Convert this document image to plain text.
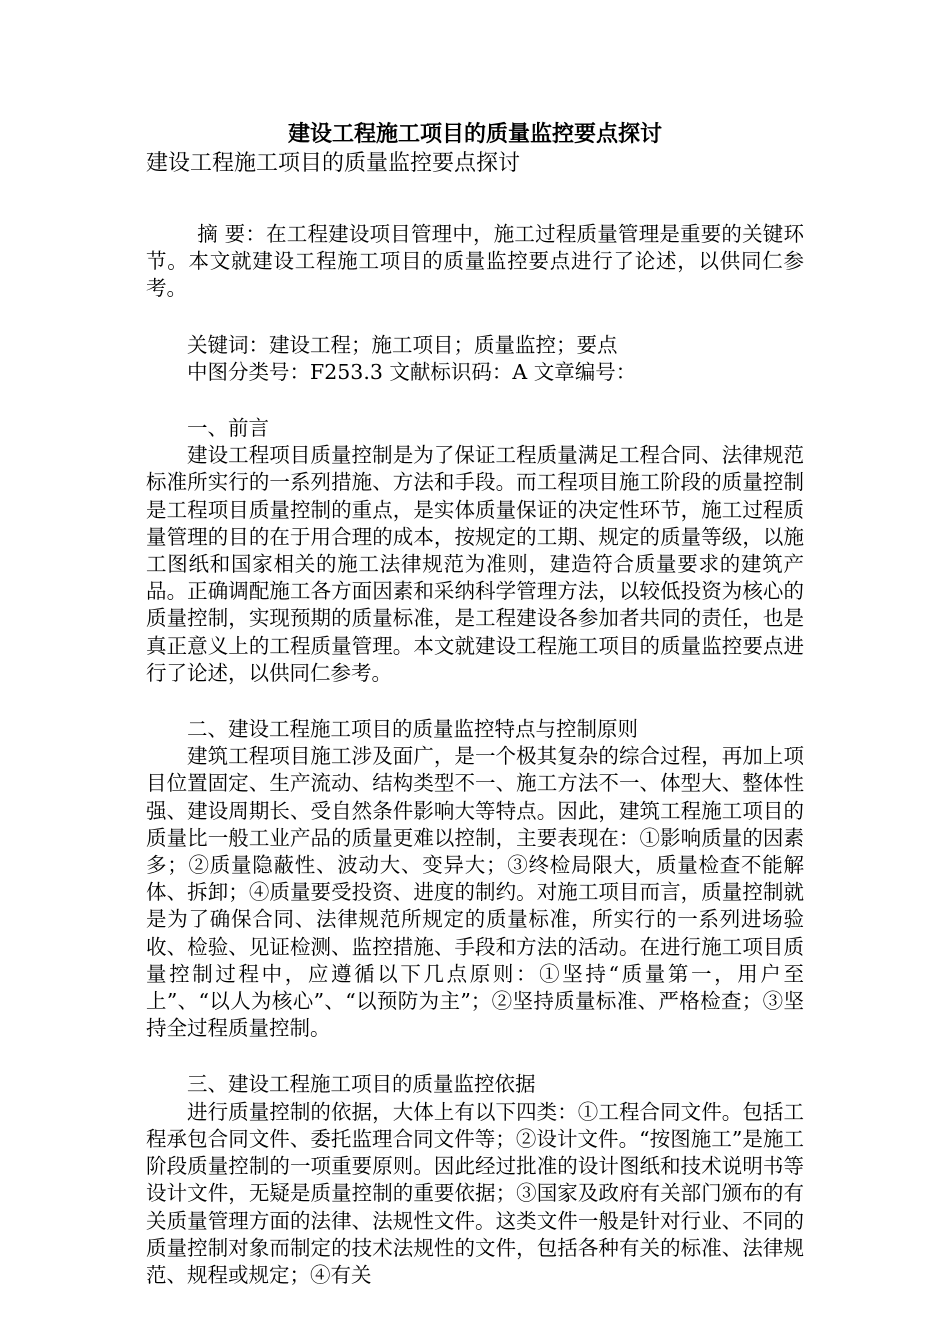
建设工程施工项目的质量监控要点探讨

建设工程施工项目的质量监控要点探讨

摘 要：在工程建设项目管理中，施工过程质量管理是重要的关键环节。本文就建设工程施工项目的质量监控要点进行了论述，以供同仁参考。

关键词：建设工程；施工项目；质量监控；要点

中图分类号：F253.3 文献标识码：A 文章编号：

一、前言

建设工程项目质量控制是为了保证工程质量满足工程合同、法律规范标准所实行的一系列措施、方法和手段。而工程项目施工阶段的质量控制是工程项目质量控制的重点，是实体质量保证的决定性环节，施工过程质量管理的目的在于用合理的成本，按规定的工期、规定的质量等级，以施工图纸和国家相关的施工法律规范为准则，建造符合质量要求的建筑产品。正确调配施工各方面因素和采纳科学管理方法，以较低投资为核心的质量控制，实现预期的质量标准，是工程建设各参加者共同的责任，也是真正意义上的工程质量管理。本文就建设工程施工项目的质量监控要点进行了论述，以供同仁参考。

二、建设工程施工项目的质量监控特点与控制原则

建筑工程项目施工涉及面广，是一个极其复杂的综合过程，再加上项目位置固定、生产流动、结构类型不一、施工方法不一、体型大、整体性强、建设周期长、受自然条件影响大等特点。因此，建筑工程施工项目的质量比一般工业产品的质量更难以控制，主要表现在：①影响质量的因素多；②质量隐蔽性、波动大、变异大；③终检局限大，质量检查不能解体、拆卸；④质量要受投资、进度的制约。对施工项目而言，质量控制就是为了确保合同、法律规范所规定的质量标准，所实行的一系列进场验收、检验、见证检测、监控措施、手段和方法的活动。在进行施工项目质量控制过程中，应遵循以下几点原则：①坚持“质量第一，用户至上”、“以人为核心”、“以预防为主”；②坚持质量标准、严格检查；③坚持全过程质量控制。

三、建设工程施工项目的质量监控依据

进行质量控制的依据，大体上有以下四类：①工程合同文件。包括工程承包合同文件、委托监理合同文件等；②设计文件。“按图施工”是施工阶段质量控制的一项重要原则。因此经过批准的设计图纸和技术说明书等设计文件，无疑是质量控制的重要依据；③国家及政府有关部门颁布的有关质量管理方面的法律、法规性文件。这类文件一般是针对行业、不同的质量控制对象而制定的技术法规性的文件，包括各种有关的标准、法律规范、规程或规定；④有关
